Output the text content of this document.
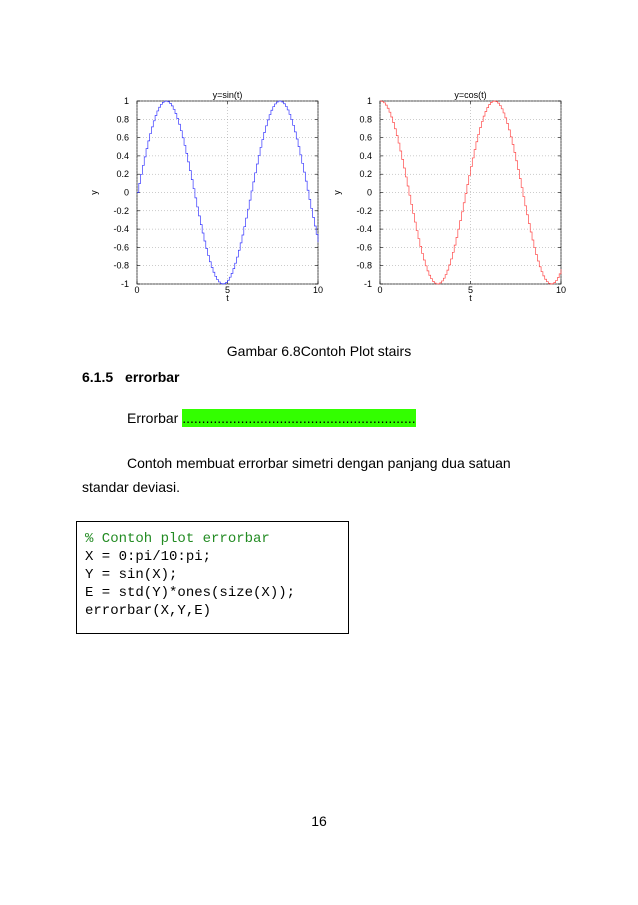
1
0.8
0.6
0.4
0.2
0
-0.2
-0.4
-0.6
-0.8
-1
0	5	10
y=sin(t)
t
y
1
0.8
0.6
0.4
0.2
0
-0.2
-0.4
-0.6
-0.8
-1
0	5	10
y=cos(t)
t
y
Gambar 6.8Contoh Plot stairs
6.1.5 errorbar
Errorbar ............................................................
Contoh membuat errorbar simetri dengan panjang dua satuan standar deviasi.
% Contoh plot errorbar
X = 0:pi/10:pi;
Y = sin(X);
E = std(Y)*ones(size(X));
errorbar(X,Y,E)
16
